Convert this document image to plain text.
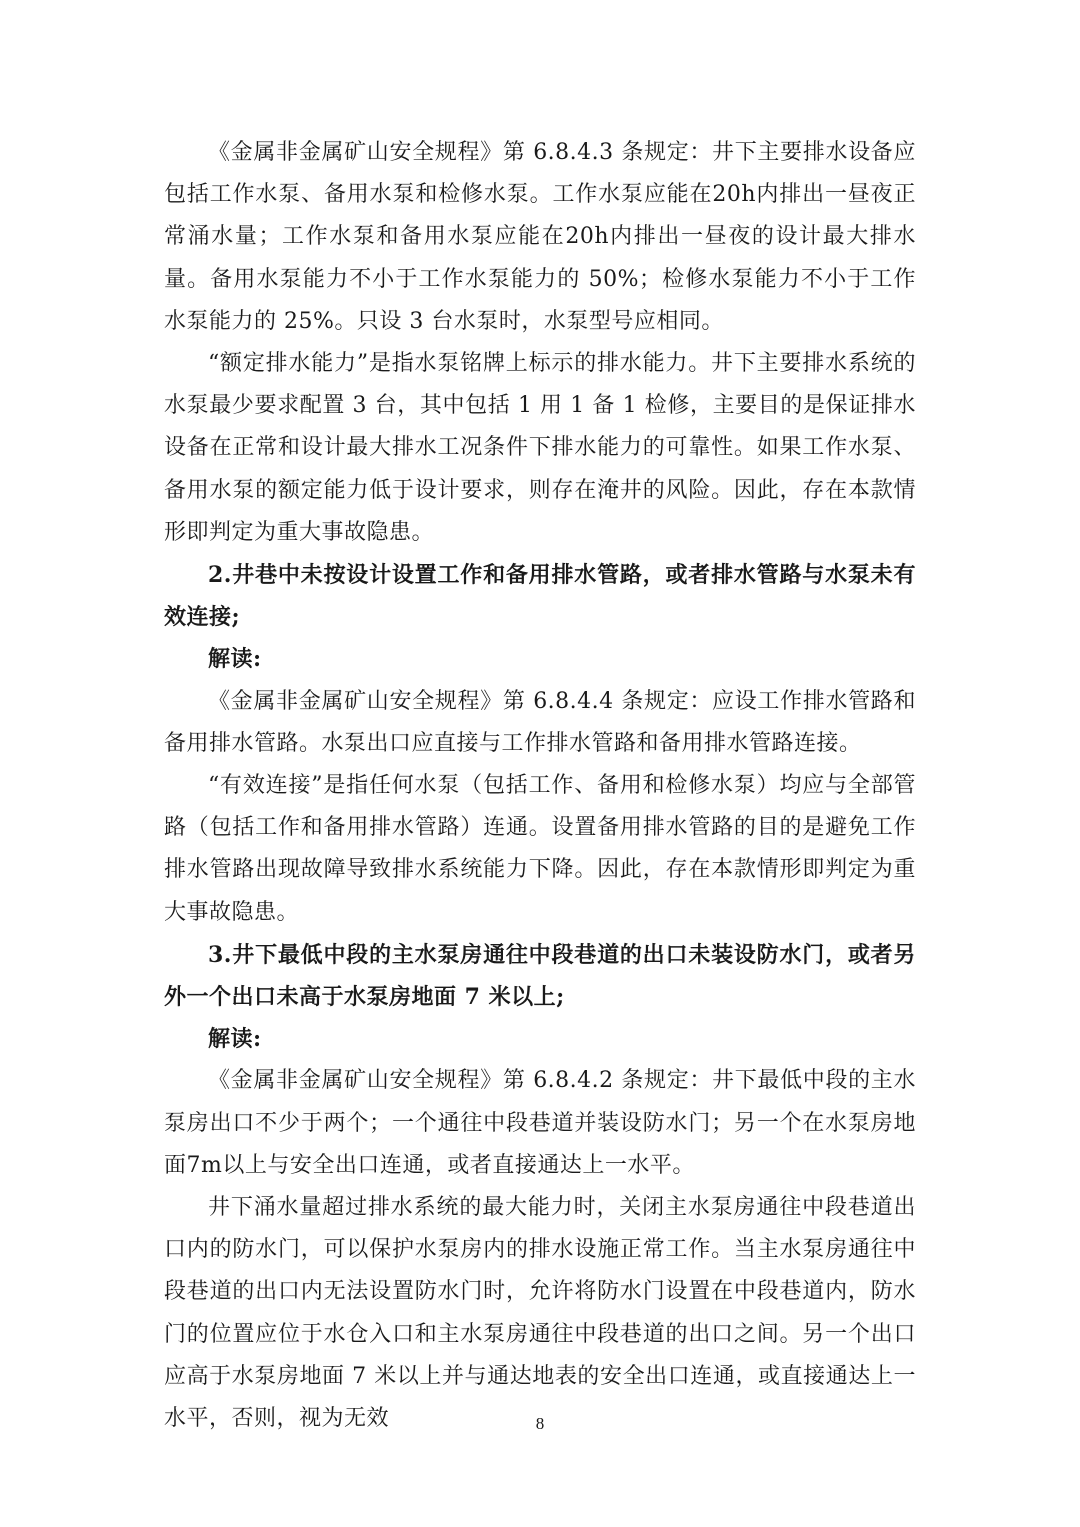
《金属非金属矿山安全规程》第 6.8.4.3 条规定：井下主要排水设备应包括工作水泵、备用水泵和检修水泵。工作水泵应能在20h内排出一昼夜正常涌水量；工作水泵和备用水泵应能在20h内排出一昼夜的设计最大排水量。备用水泵能力不小于工作水泵能力的 50%；检修水泵能力不小于工作水泵能力的 25%。只设 3 台水泵时，水泵型号应相同。

“额定排水能力”是指水泵铭牌上标示的排水能力。井下主要排水系统的水泵最少要求配置 3 台，其中包括 1 用 1 备 1 检修，主要目的是保证排水设备在正常和设计最大排水工况条件下排水能力的可靠性。如果工作水泵、备用水泵的额定能力低于设计要求，则存在淹井的风险。因此，存在本款情形即判定为重大事故隐患。

2.井巷中未按设计设置工作和备用排水管路，或者排水管路与水泵未有效连接;

解读:

《金属非金属矿山安全规程》第 6.8.4.4 条规定：应设工作排水管路和备用排水管路。水泵出口应直接与工作排水管路和备用排水管路连接。

“有效连接”是指任何水泵（包括工作、备用和检修水泵）均应与全部管路（包括工作和备用排水管路）连通。设置备用排水管路的目的是避免工作排水管路出现故障导致排水系统能力下降。因此，存在本款情形即判定为重大事故隐患。

3.井下最低中段的主水泵房通往中段巷道的出口未装设防水门，或者另外一个出口未高于水泵房地面 7 米以上;

解读:

《金属非金属矿山安全规程》第 6.8.4.2 条规定：井下最低中段的主水泵房出口不少于两个；一个通往中段巷道并装设防水门；另一个在水泵房地面7m以上与安全出口连通，或者直接通达上一水平。

井下涌水量超过排水系统的最大能力时，关闭主水泵房通往中段巷道出口内的防水门，可以保护水泵房内的排水设施正常工作。当主水泵房通往中段巷道的出口内无法设置防水门时，允许将防水门设置在中段巷道内，防水门的位置应位于水仓入口和主水泵房通往中段巷道的出口之间。另一个出口应高于水泵房地面 7 米以上并与通达地表的安全出口连通，或直接通达上一水平，否则，视为无效	8
